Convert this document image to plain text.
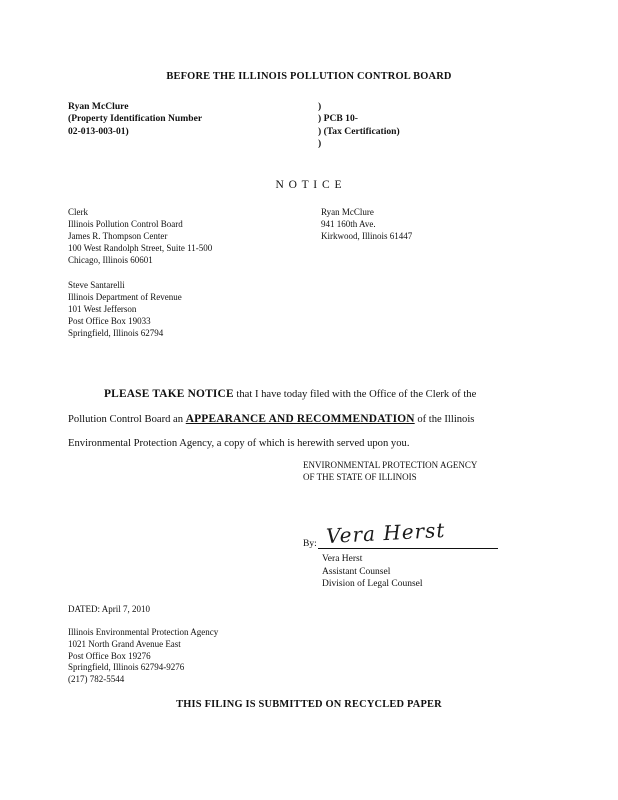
BEFORE THE ILLINOIS POLLUTION CONTROL BOARD
Ryan McClure
(Property Identification Number
02-013-003-01)
)
) PCB 10-
) (Tax Certification)
)
N O T I C E
Clerk
Illinois Pollution Control Board
James R. Thompson Center
100 West Randolph Street, Suite 11-500
Chicago, Illinois 60601
Ryan McClure
941 160th Ave.
Kirkwood, Illinois 61447
Steve Santarelli
Illinois Department of Revenue
101 West Jefferson
Post Office Box 19033
Springfield, Illinois 62794
PLEASE TAKE NOTICE that I have today filed with the Office of the Clerk of the
Pollution Control Board an APPEARANCE AND RECOMMENDATION of the Illinois
Environmental Protection Agency, a copy of which is herewith served upon you.
ENVIRONMENTAL PROTECTION AGENCY
OF THE STATE OF ILLINOIS
By: Vera Herst
Vera Herst
Assistant Counsel
Division of Legal Counsel
DATED: April 7, 2010
Illinois Environmental Protection Agency
1021 North Grand Avenue East
Post Office Box 19276
Springfield, Illinois 62794-9276
(217) 782-5544
THIS FILING IS SUBMITTED ON RECYCLED PAPER
